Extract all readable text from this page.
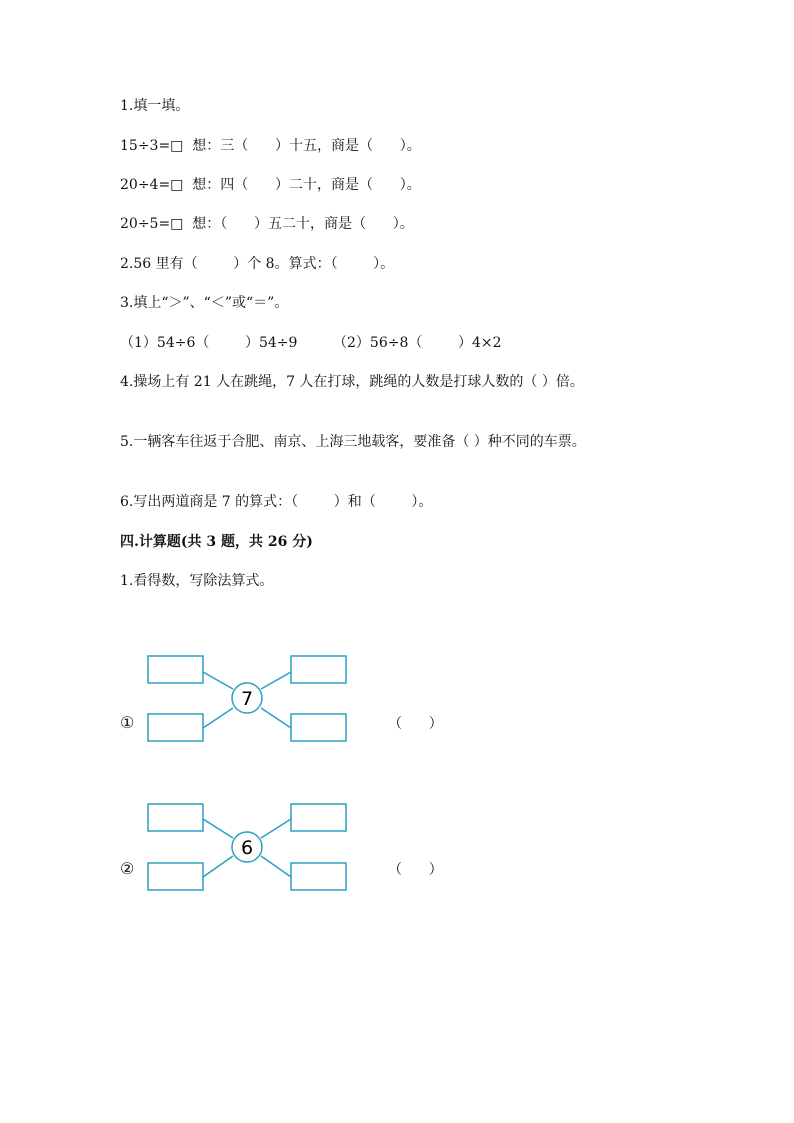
1.填一填。
15÷3=□  想：三（      ）十五，商是（      ）。
20÷4=□  想：四（      ）二十，商是（      ）。
20÷5=□  想：（      ）五二十，商是（      ）。
2.56 里有（        ）个 8。算式：（        ）。
3.填上“＞”、“＜”或“＝”。
（1）54÷6（        ）54÷9        （2）56÷8（        ）4×2
4.操场上有 21 人在跳绳，7 人在打球，跳绳的人数是打球人数的（ ）倍。
5.一辆客车往返于合肥、南京、上海三地载客，要准备（ ）种不同的车票。
6.写出两道商是 7 的算式：（        ）和（        ）。
四.计算题(共 3 题，共 26 分)
1.看得数，写除法算式。
7
①	（      ）
6
②	（      ）
